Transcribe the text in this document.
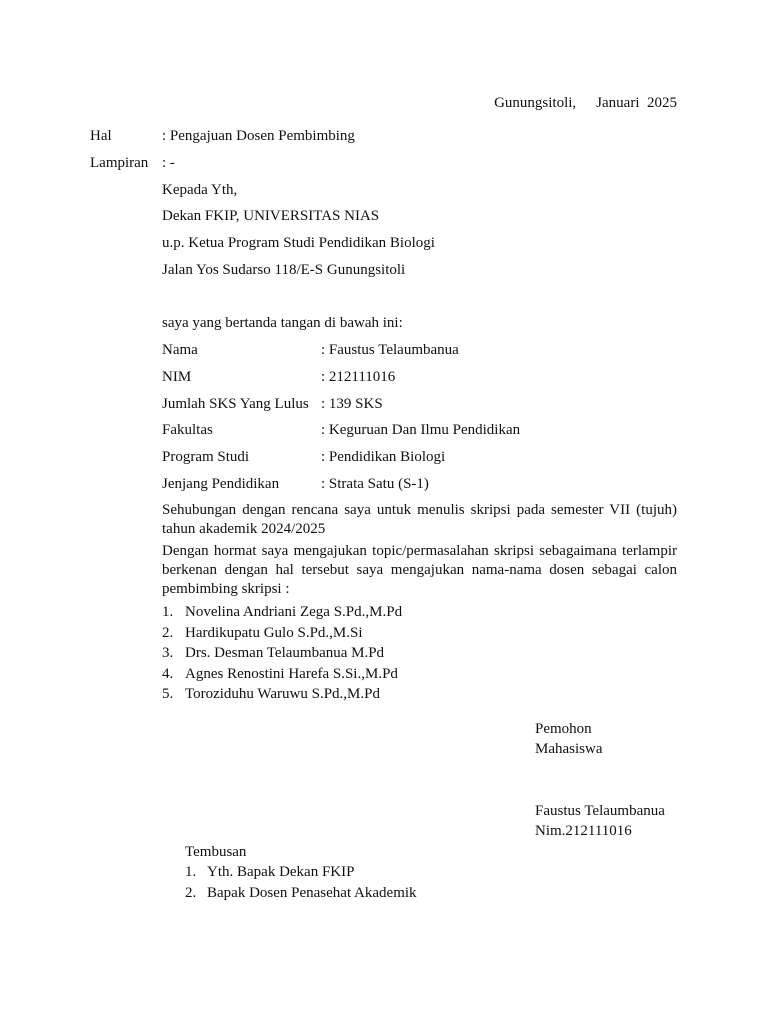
Gunungsitoli, Januari  2025
Hal	: Pengajuan Dosen Pembimbing
Lampiran : -
Kepada Yth,
Dekan FKIP, UNIVERSITAS NIAS
u.p. Ketua Program Studi Pendidikan Biologi
Jalan Yos Sudarso 118/E-S Gunungsitoli
saya yang bertanda tangan di bawah ini:
Nama	: Faustus Telaumbanua
NIM	: 212111016
Jumlah SKS Yang Lulus : 139 SKS
Fakultas	: Keguruan Dan Ilmu Pendidikan
Program Studi	: Pendidikan Biologi
Jenjang Pendidikan	: Strata Satu (S-1)
Sehubungan dengan rencana saya untuk menulis skripsi pada semester VII (tujuh) tahun akademik 2024/2025
Dengan hormat saya mengajukan topic/permasalahan skripsi sebagaimana terlampir berkenan dengan hal tersebut saya mengajukan nama-nama dosen sebagai calon pembimbing skripsi :
1. Novelina Andriani Zega S.Pd.,M.Pd
2. Hardikupatu Gulo S.Pd.,M.Si
3. Drs. Desman Telaumbanua M.Pd
4. Agnes Renostini Harefa S.Si.,M.Pd
5. Toroziduhu Waruwu S.Pd.,M.Pd
Pemohon
Mahasiswa
Faustus Telaumbanua
Nim.212111016
Tembusan
1. Yth. Bapak Dekan FKIP
2. Bapak Dosen Penasehat Akademik
